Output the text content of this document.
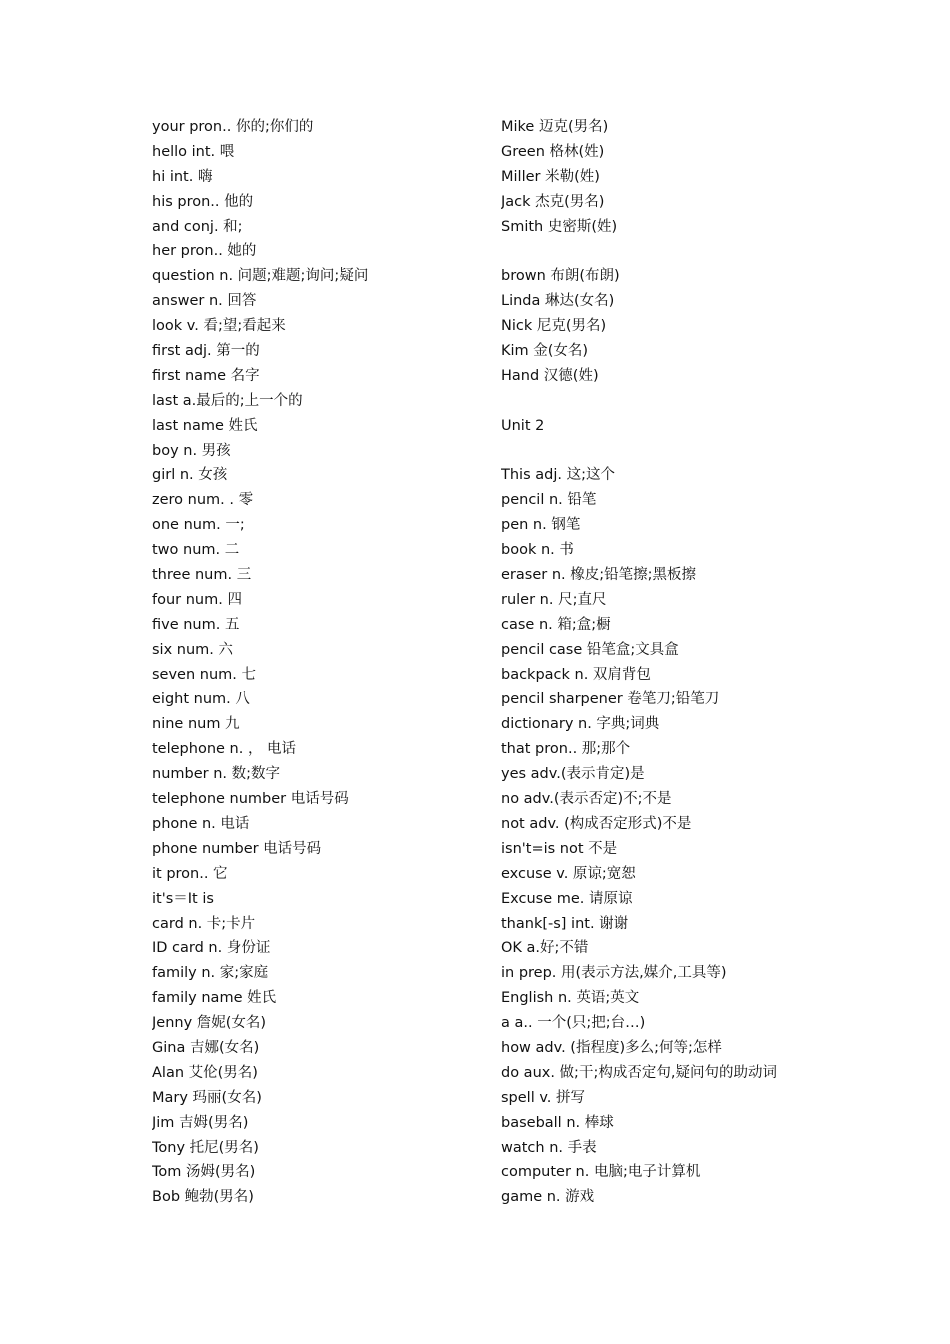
your pron.. 你的;你们的
hello int. 喂
hi int. 嗨
his pron.. 他的
and conj. 和;
her pron.. 她的
question n. 问题;难题;询问;疑问
answer n. 回答
look v. 看;望;看起来
first adj. 第一的
first name 名字
last a.最后的;上一个的
last name 姓氏
boy n. 男孩
girl n. 女孩
zero num. . 零
one num. 一;
two num. 二
three num. 三
four num. 四
five num. 五
six num. 六
seven num. 七
eight num. 八
nine num 九
telephone n. ， 电话
number n. 数;数字
telephone number 电话号码
phone n. 电话
phone number 电话号码
it pron.. 它
it's＝It is
card n. 卡;卡片
ID card n. 身份证
family n. 家;家庭
family name 姓氏
Jenny 詹妮(女名)
Gina 吉娜(女名)
Alan 艾伦(男名)
Mary 玛丽(女名)
Jim 吉姆(男名)
Tony 托尼(男名)
Tom 汤姆(男名)
Bob 鲍勃(男名)
Mike 迈克(男名)
Green 格林(姓)
Miller 米勒(姓)
Jack 杰克(男名)
Smith 史密斯(姓)
brown 布朗(布朗)
Linda 琳达(女名)
Nick 尼克(男名)
Kim 金(女名)
Hand 汉德(姓)
Unit 2
This adj. 这;这个
pencil n. 铅笔
pen n. 钢笔
book n. 书
eraser n. 橡皮;铅笔擦;黑板擦
ruler n. 尺;直尺
case n. 箱;盒;橱
pencil case 铅笔盒;文具盒
backpack n. 双肩背包
pencil sharpener 卷笔刀;铅笔刀
dictionary n. 字典;词典
that pron.. 那;那个
yes adv.(表示肯定)是
no adv.(表示否定)不;不是
not adv. (构成否定形式)不是
isn't=is not 不是
excuse v. 原谅;宽恕
Excuse me. 请原谅
thank[-s] int. 谢谢
OK a.好;不错
in prep. 用(表示方法,媒介,工具等)
English n. 英语;英文
a a.. 一个(只;把;台…)
how adv. (指程度)多么;何等;怎样
do aux. 做;干;构成否定句,疑问句的助动词
spell v. 拼写
baseball n. 棒球
watch n. 手表
computer n. 电脑;电子计算机
game n. 游戏
